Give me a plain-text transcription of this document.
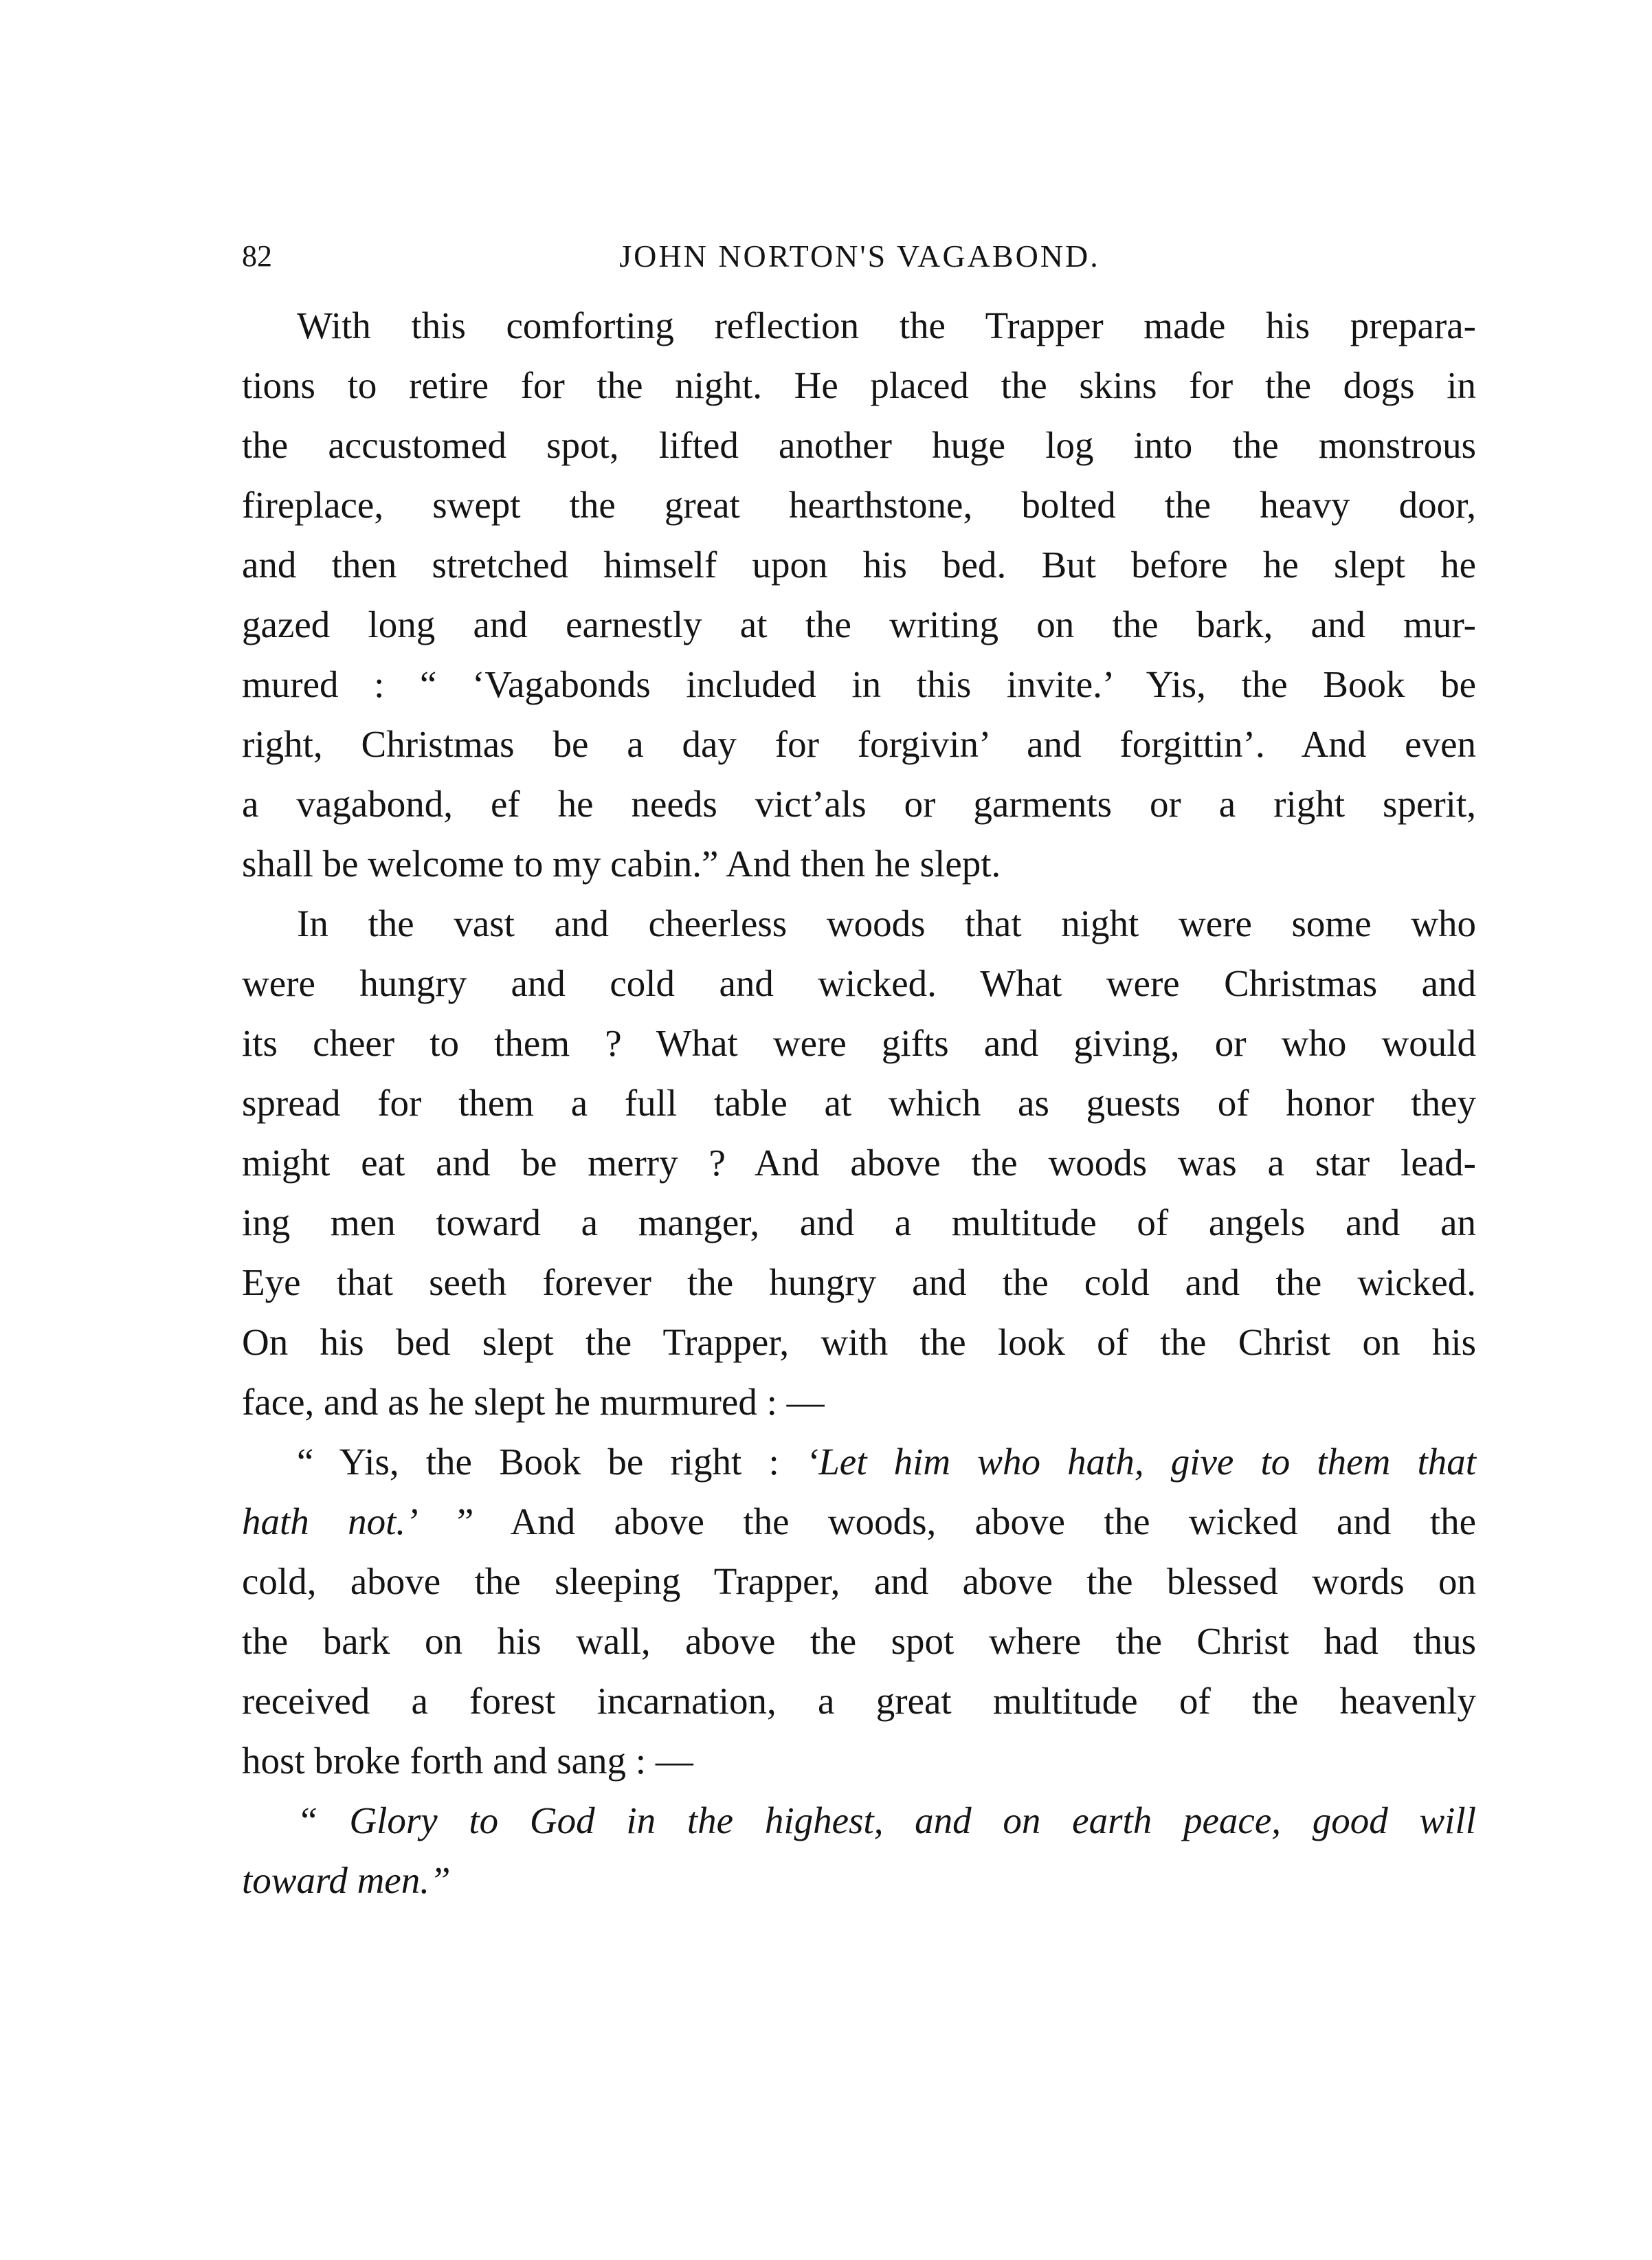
82	JOHN NORTON'S VAGABOND.
With this comforting reflection the Trapper made his prepara-
tions to retire for the night. He placed the skins for the dogs in
the accustomed spot, lifted another huge log into the monstrous
fireplace, swept the great hearthstone, bolted the heavy door,
and then stretched himself upon his bed. But before he slept he
gazed long and earnestly at the writing on the bark, and mur-
mured : “ ‘Vagabonds included in this invite.’ Yis, the Book be
right, Christmas be a day for forgivin’ and forgittin’. And even
a vagabond, ef he needs vict’als or garments or a right sperit,
shall be welcome to my cabin.” And then he slept.
In the vast and cheerless woods that night were some who
were hungry and cold and wicked. What were Christmas and
its cheer to them ? What were gifts and giving, or who would
spread for them a full table at which as guests of honor they
might eat and be merry ? And above the woods was a star lead-
ing men toward a manger, and a multitude of angels and an
Eye that seeth forever the hungry and the cold and the wicked.
On his bed slept the Trapper, with the look of the Christ on his
face, and as he slept he murmured : —
“ Yis, the Book be right : ‘Let him who hath, give to them that
hath not.’ ” And above the woods, above the wicked and the
cold, above the sleeping Trapper, and above the blessed words on
the bark on his wall, above the spot where the Christ had thus
received a forest incarnation, a great multitude of the heavenly
host broke forth and sang : —
“ Glory to God in the highest, and on earth peace, good will
toward men.”
